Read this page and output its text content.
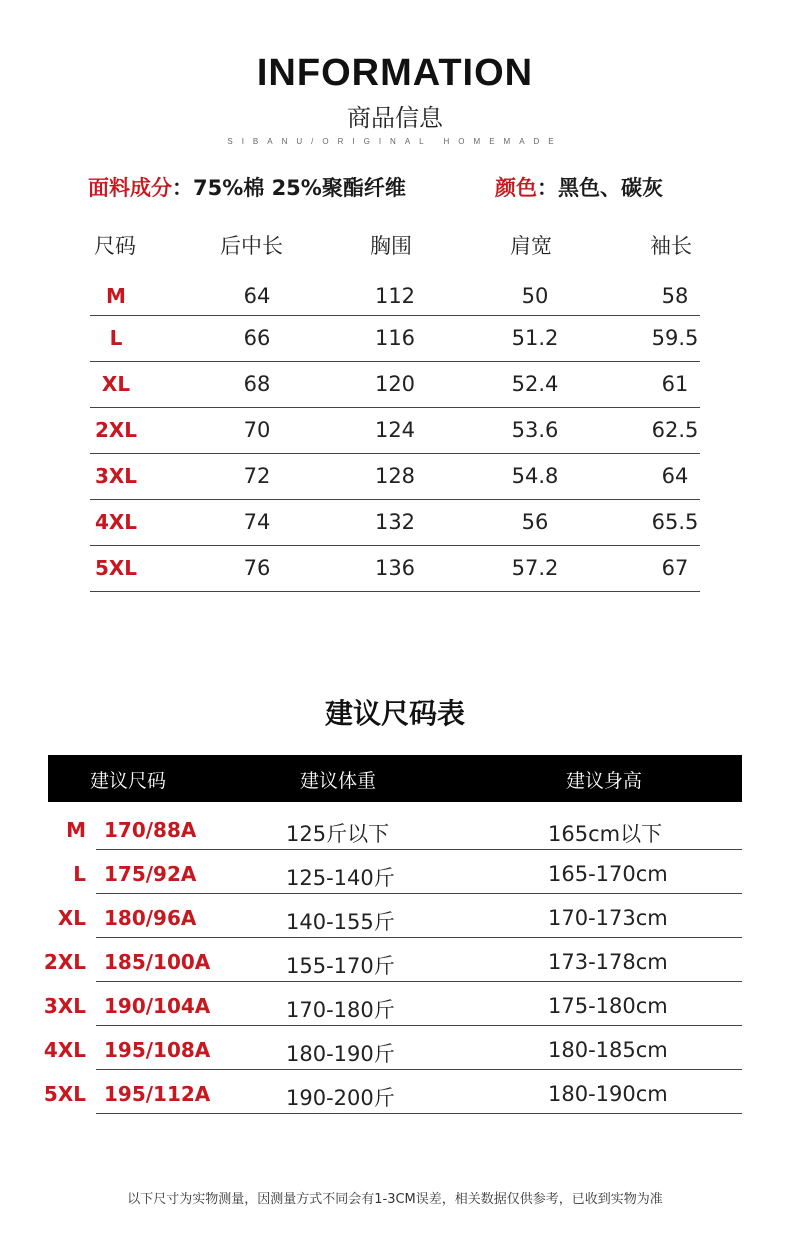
INFORMATION
商品信息
SIBANU/ORIGINAL HOMEMADE
面料成分：75%棉 25%聚酯纤维	颜色：黑色、碳灰
尺码	后中长	胸围	肩宽	袖长
M	64	112	50	58
L	66	116	51.2	59.5
XL	68	120	52.4	61
2XL	70	124	53.6	62.5
3XL	72	128	54.8	64
4XL	74	132	56	65.5
5XL	76	136	57.2	67
建议尺码表
建议尺码	建议体重	建议身高
M 170/88A	125斤以下	165cm以下
L 175/92A	125-140斤	165-170cm
XL 180/96A	140-155斤	170-173cm
2XL 185/100A	155-170斤	173-178cm
3XL 190/104A	170-180斤	175-180cm
4XL 195/108A	180-190斤	180-185cm
5XL 195/112A	190-200斤	180-190cm
以下尺寸为实物测量，因测量方式不同会有1-3CM误差，相关数据仅供参考，已收到实物为准
